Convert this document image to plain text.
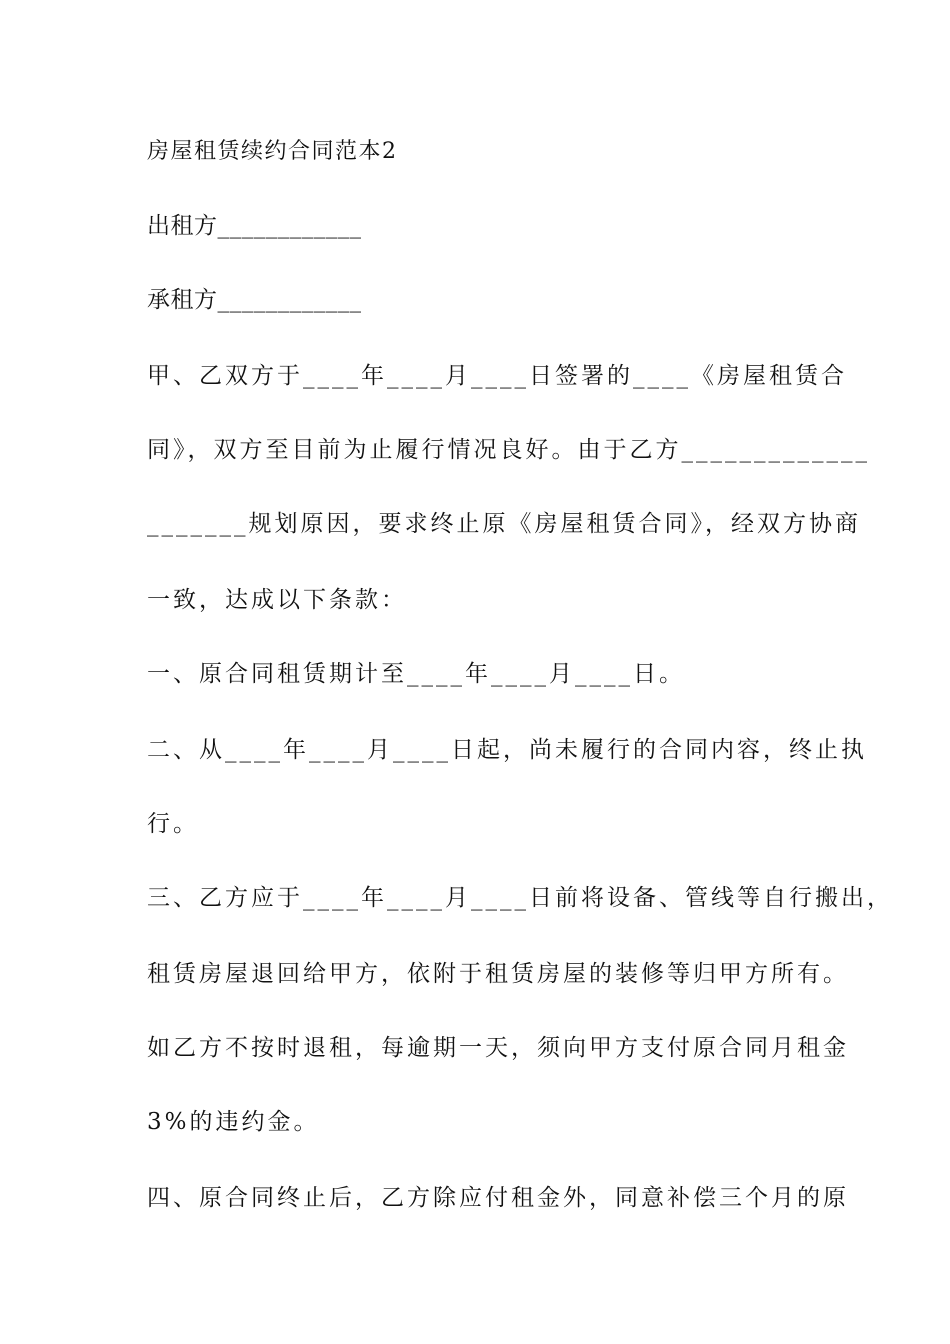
房屋租赁续约合同范本2
出租方____________
承租方____________
甲、乙双方于____年____月____日签署的____《房屋租赁合
同》，双方至目前为止履行情况良好。由于乙方_____________
_______规划原因，要求终止原《房屋租赁合同》，经双方协商
一致，达成以下条款：
一、原合同租赁期计至____年____月____日。
二、从____年____月____日起，尚未履行的合同内容，终止执
行。
三、乙方应于____年____月____日前将设备、管线等自行搬出，
租赁房屋退回给甲方，依附于租赁房屋的装修等归甲方所有。
如乙方不按时退租，每逾期一天，须向甲方支付原合同月租金
3%的违约金。
四、原合同终止后，乙方除应付租金外，同意补偿三个月的原
